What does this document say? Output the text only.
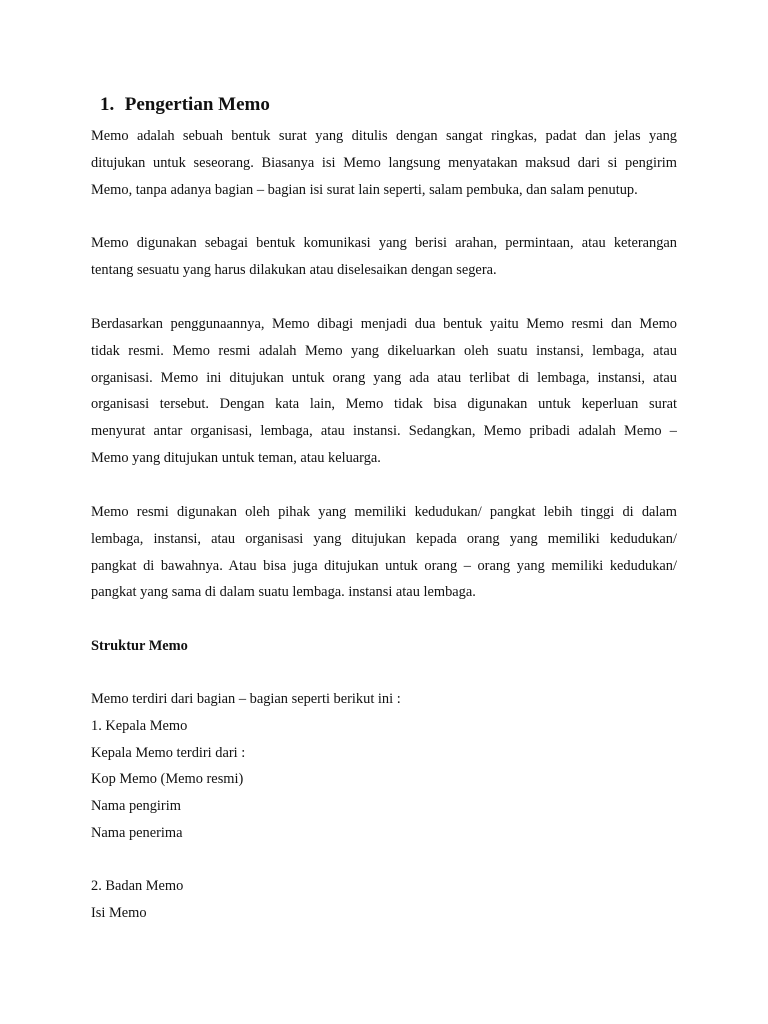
1. Pengertian Memo
Memo adalah sebuah bentuk surat yang ditulis dengan sangat ringkas, padat dan jelas yang
ditujukan untuk seseorang. Biasanya isi Memo langsung menyatakan maksud dari si pengirim
Memo, tanpa adanya bagian – bagian isi surat lain seperti, salam pembuka, dan salam penutup.
Memo digunakan sebagai bentuk komunikasi yang berisi arahan, permintaan, atau keterangan
tentang sesuatu yang harus dilakukan atau diselesaikan dengan segera.
Berdasarkan penggunaannya, Memo dibagi menjadi dua bentuk yaitu Memo resmi dan Memo
tidak resmi. Memo resmi adalah Memo yang dikeluarkan oleh suatu instansi, lembaga, atau
organisasi. Memo ini ditujukan untuk orang yang ada atau terlibat di lembaga, instansi, atau
organisasi tersebut. Dengan kata lain, Memo tidak bisa digunakan untuk keperluan surat
menyurat antar organisasi, lembaga, atau instansi. Sedangkan, Memo pribadi adalah Memo –
Memo yang ditujukan untuk teman, atau keluarga.
Memo resmi digunakan oleh pihak yang memiliki kedudukan/ pangkat lebih tinggi di dalam
lembaga, instansi, atau organisasi yang ditujukan kepada orang yang memiliki kedudukan/
pangkat di bawahnya. Atau bisa juga ditujukan untuk orang – orang yang memiliki kedudukan/
pangkat yang sama di dalam suatu lembaga. instansi atau lembaga.
Struktur Memo
Memo terdiri dari bagian – bagian seperti berikut ini :
1. Kepala Memo
Kepala Memo terdiri dari :
Kop Memo (Memo resmi)
Nama pengirim
Nama penerima
2. Badan Memo
Isi Memo
